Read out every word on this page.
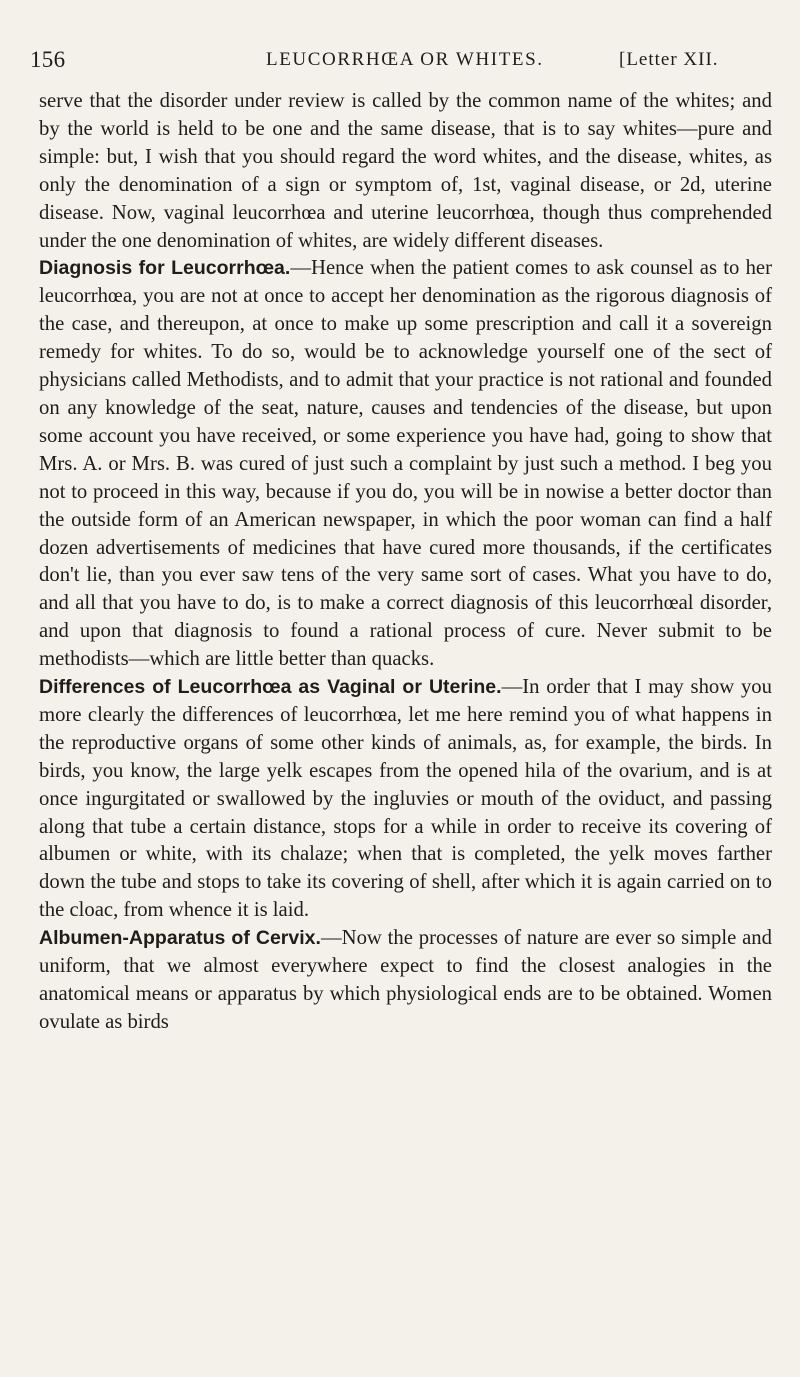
156	LEUCORRHŒA OR WHITES.	[Letter XII.

serve that the disorder under review is called by the common name of the whites; and by the world is held to be one and the same disease, that is to say whites—pure and simple: but, I wish that you should regard the word whites, and the disease, whites, as only the denomination of a sign or symptom of, 1st, vaginal disease, or 2d, uterine disease. Now, vaginal leucorrhœa and uterine leucorrhœa, though thus comprehended under the one denomination of whites, are widely different diseases.

Diagnosis for Leucorrhœa.—Hence when the patient comes to ask counsel as to her leucorrhœa, you are not at once to accept her denomination as the rigorous diagnosis of the case, and thereupon, at once to make up some prescription and call it a sovereign remedy for whites. To do so, would be to acknowledge yourself one of the sect of physicians called Methodists, and to admit that your practice is not rational and founded on any knowledge of the seat, nature, causes and tendencies of the disease, but upon some account you have received, or some experience you have had, going to show that Mrs. A. or Mrs. B. was cured of just such a complaint by just such a method. I beg you not to proceed in this way, because if you do, you will be in nowise a better doctor than the outside form of an American newspaper, in which the poor woman can find a half dozen advertisements of medicines that have cured more thousands, if the certificates don't lie, than you ever saw tens of the very same sort of cases. What you have to do, and all that you have to do, is to make a correct diagnosis of this leucorrhœal disorder, and upon that diagnosis to found a rational process of cure. Never submit to be methodists—which are little better than quacks.

Differences of Leucorrhœa as Vaginal or Uterine.—In order that I may show you more clearly the differences of leucorrhœa, let me here remind you of what happens in the reproductive organs of some other kinds of animals, as, for example, the birds. In birds, you know, the large yelk escapes from the opened hila of the ovarium, and is at once ingurgitated or swallowed by the ingluvies or mouth of the oviduct, and passing along that tube a certain distance, stops for a while in order to receive its covering of albumen or white, with its chalaze; when that is completed, the yelk moves farther down the tube and stops to take its covering of shell, after which it is again carried on to the cloac, from whence it is laid.

Albumen-Apparatus of Cervix.—Now the processes of nature are ever so simple and uniform, that we almost everywhere expect to find the closest analogies in the anatomical means or apparatus by which physiological ends are to be obtained. Women ovulate as birds
